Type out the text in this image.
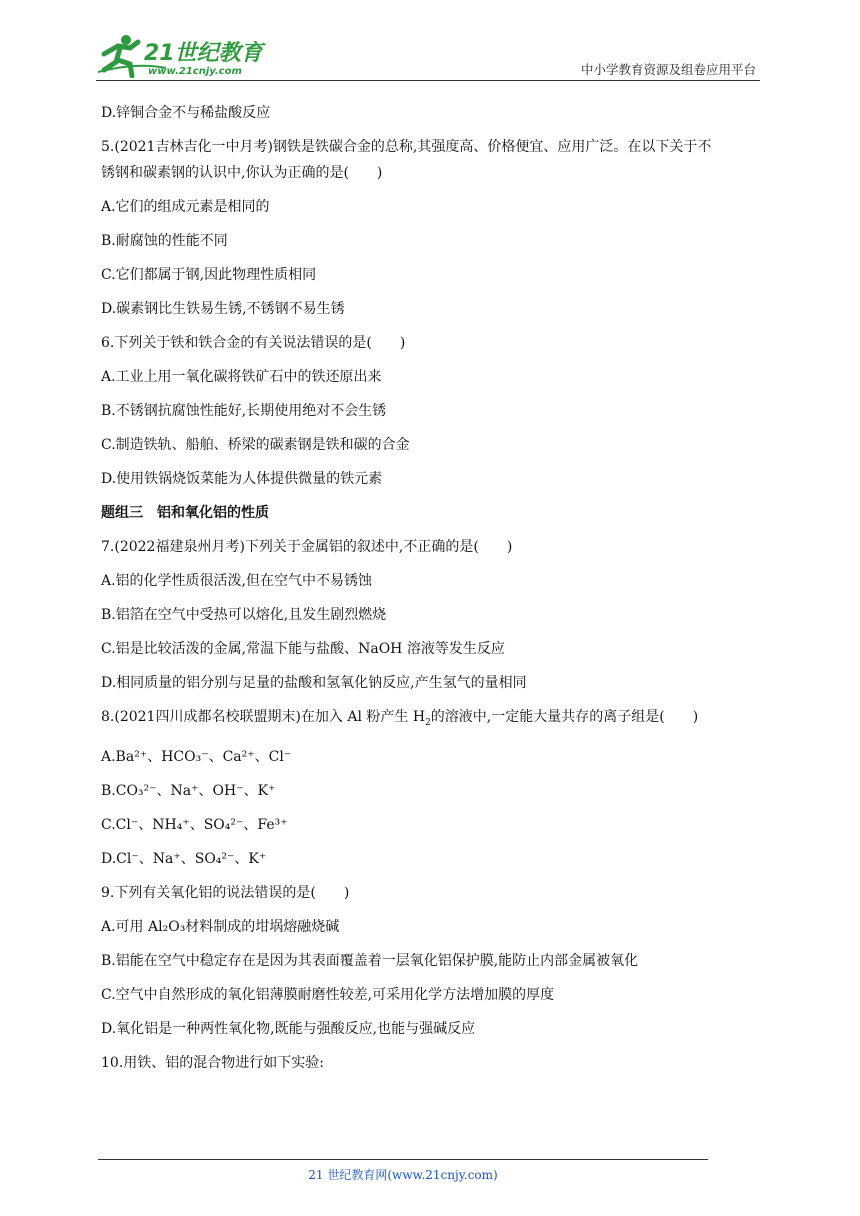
21世纪教育
www.21cnjy.com	中小学教育资源及组卷应用平台

D.锌铜合金不与稀盐酸反应

5.(2021吉林吉化一中月考)钢铁是铁碳合金的总称,其强度高、价格便宜、应用广泛。在以下关于不

锈钢和碳素钢的认识中,你认为正确的是(　　)

A.它们的组成元素是相同的

B.耐腐蚀的性能不同

C.它们都属于钢,因此物理性质相同

D.碳素钢比生铁易生锈,不锈钢不易生锈

6.下列关于铁和铁合金的有关说法错误的是(　　)

A.工业上用一氧化碳将铁矿石中的铁还原出来

B.不锈钢抗腐蚀性能好,长期使用绝对不会生锈

C.制造铁轨、船舶、桥梁的碳素钢是铁和碳的合金

D.使用铁锅烧饭菜能为人体提供微量的铁元素

题组三　铝和氧化铝的性质

7.(2022福建泉州月考)下列关于金属铝的叙述中,不正确的是(　　)

A.铝的化学性质很活泼,但在空气中不易锈蚀

B.铝箔在空气中受热可以熔化,且发生剧烈燃烧

C.铝是比较活泼的金属,常温下能与盐酸、NaOH 溶液等发生反应

D.相同质量的铝分别与足量的盐酸和氢氧化钠反应,产生氢气的量相同

8.(2021四川成都名校联盟期末)在加入 Al 粉产生 $H_2$的溶液中,一定能大量共存的离子组是(　　)

A.Ba²⁺、HCO₃⁻、Ca²⁺、Cl⁻

B.CO₃²⁻、Na⁺、OH⁻、K⁺

C.Cl⁻、NH₄⁺、SO₄²⁻、Fe³⁺

D.Cl⁻、Na⁺、SO₄²⁻、K⁺

9.下列有关氧化铝的说法错误的是(　　)

A.可用 Al₂O₃材料制成的坩埚熔融烧碱

B.铝能在空气中稳定存在是因为其表面覆盖着一层氧化铝保护膜,能防止内部金属被氧化

C.空气中自然形成的氧化铝薄膜耐磨性较差,可采用化学方法增加膜的厚度

D.氧化铝是一种两性氧化物,既能与强酸反应,也能与强碱反应

10.用铁、铝的混合物进行如下实验:

21 世纪教育网(www.21cnjy.com)
